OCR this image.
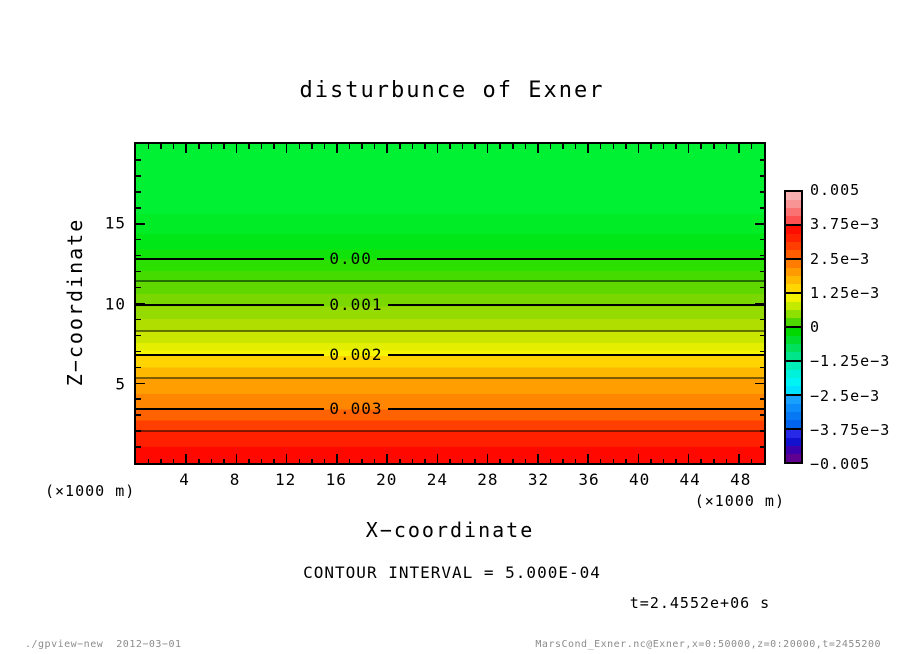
disturbunce of Exner
Z−coordinate	0.00
0.001
0.002
0.003
5
10
15
4 8 12 16 20 24 28 32 36 40 44 48
(×1000 m)
(×1000 m)
X−coordinate
0.005
3.75e−3
2.5e−3
1.25e−3
0
−1.25e−3
−2.5e−3
−3.75e−3
−0.005
CONTOUR INTERVAL = 5.000E-04
t=2.4552e+06 s
./gpview−new  2012−03−01	MarsCond_Exner.nc@Exner,x=0:50000,z=0:20000,t=2455200
